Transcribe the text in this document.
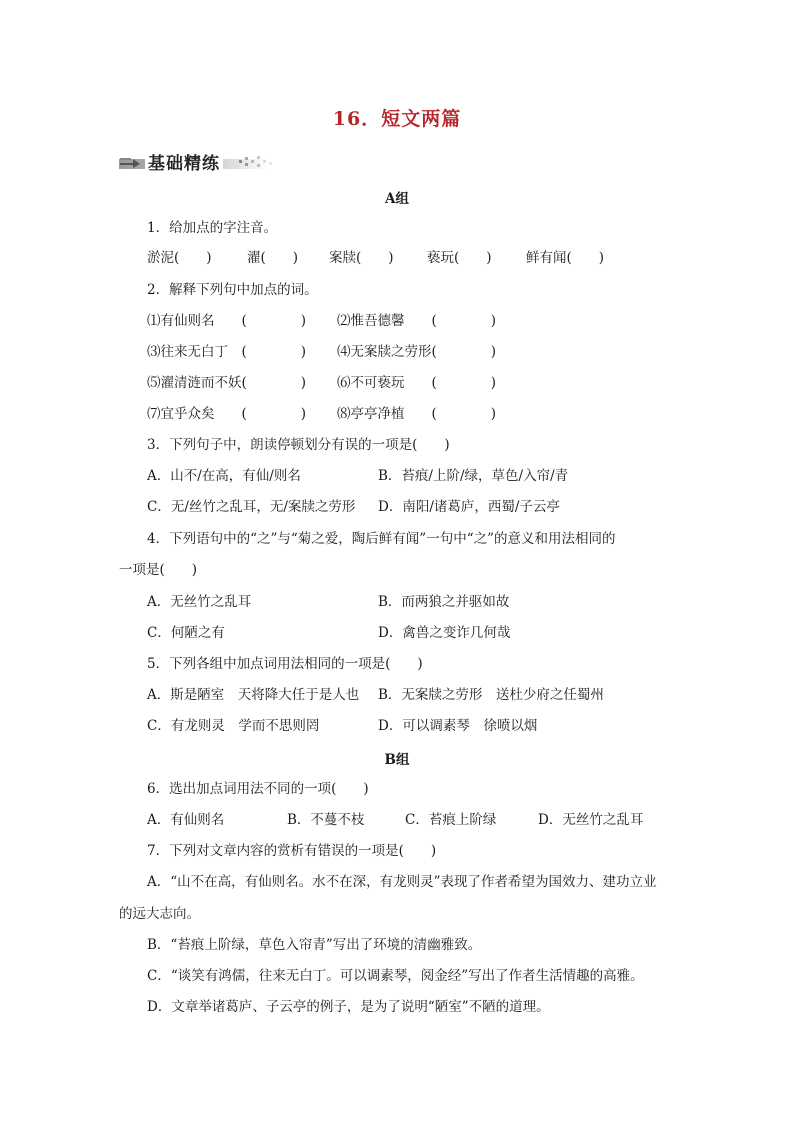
16．短文两篇
基础精练
A组
1．给加点的字注音。
淤泥(　　)	濯(　　) 案牍(　　) 亵玩(　　)	鲜有闻(　　)
2．解释下列句中加点的词。
⑴有仙则名　　(　　　　) ⑵惟吾德馨　　(　　　　)
⑶往来无白丁　(　　　　) ⑷无案牍之劳形(　　　　)
⑸濯清涟而不妖(　　　　) ⑹不可亵玩　　(　　　　)
⑺宜乎众矣　　(　　　　) ⑻亭亭净植　　(　　　　)
3．下列句子中，朗读停顿划分有误的一项是(　　)
A．山不/在高，有仙/则名	B．苔痕/上阶/绿，草色/入帘/青
C．无/丝竹之乱耳，无/案牍之劳形 D．南阳/诸葛庐，西蜀/子云亭
4．下列语句中的“之”与“菊之爱，陶后鲜有闻”一句中“之”的意义和用法相同的
一项是(　　)
A．无丝竹之乱耳	B．而两狼之并驱如故
C．何陋之有	D．禽兽之变诈几何哉
5．下列各组中加点词用法相同的一项是(　　)
A．斯是陋室　天将降大任于是人也 B．无案牍之劳形　送杜少府之任蜀州
C．有龙则灵　学而不思则罔	D．可以调素琴　徐喷以烟
B组
6．选出加点词用法不同的一项(　　)
A．有仙则名	B．不蔓不枝	C．苔痕上阶绿	D．无丝竹之乱耳
7．下列对文章内容的赏析有错误的一项是(　　)
A．“山不在高，有仙则名。水不在深，有龙则灵”表现了作者希望为国效力、建功立业
的远大志向。
B．“苔痕上阶绿，草色入帘青”写出了环境的清幽雅致。
C．“谈笑有鸿儒，往来无白丁。可以调素琴，阅金经”写出了作者生活情趣的高雅。
D．文章举诸葛庐、子云亭的例子，是为了说明“陋室”不陋的道理。
